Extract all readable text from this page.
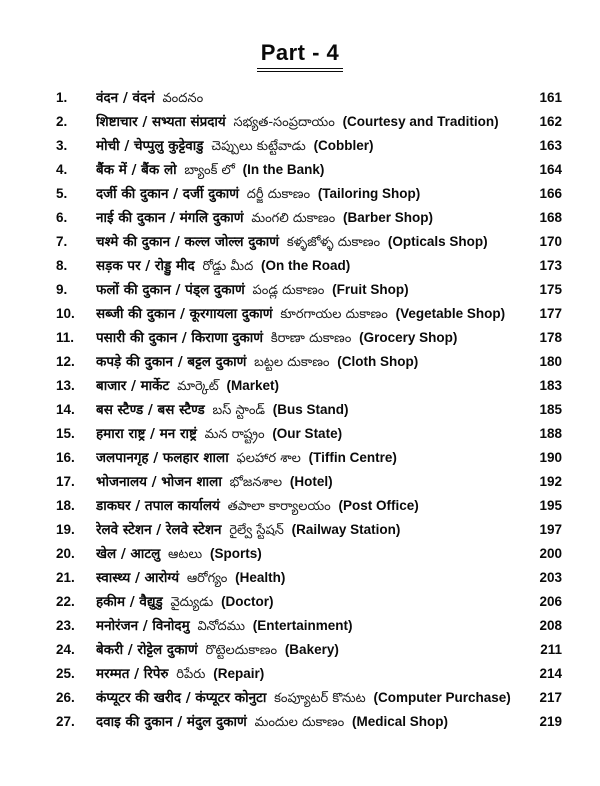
Part - 4
1.	वंदन / वंदनं వందనం	161
2.	शिष्टाचार / सभ्यता संप्रदायं సభ్యత-సంప్రదాయం (Courtesy and Tradition)	162
3.	मोची / चेप्पुलु कुट्टेवाडु చెప్పులు కుట్టేవాడు (Cobbler)	163
4.	बैंक में / बैंक लो బ్యాంక్ లో (In the Bank)	164
5.	दर्जी की दुकान / दर्जी दुकाणं దర్జీ దుకాణం (Tailoring Shop)	166
6.	नाई की दुकान / मंगलि दुकाणं మంగలి దుకాణం (Barber Shop)	168
7.	चश्मे की दुकान / कल्ल जोल्ल दुकाणं కళ్ళజోళ్ళ దుకాణం (Opticals Shop)	170
8.	सड़क पर / रोड्डु मीद రోడ్డు మీద (On the Road)	173
9.	फलों की दुकान / पंड्ल दुकाणं పండ్ల దుకాణం (Fruit Shop)	175
10.	सब्जी की दुकान / कूरगायला दुकाणं కూరగాయల దుకాణం (Vegetable Shop)	177
11.	पसारी की दुकान / किराणा दुकाणं కిరాణా దుకాణం (Grocery Shop)	178
12.	कपड़े की दुकान / बट्टल दुकाणं బట్టల దుకాణం (Cloth Shop)	180
13.	बाजार / मार्केट మార్కెట్ (Market)	183
14.	बस स्टैण्ड / बस स्टैण्ड బస్ స్టాండ్ (Bus Stand)	185
15.	हमारा राष्ट्र / मन राष्ट्रं మన రాష్ట్రం (Our State)	188
16.	जलपानगृह / फलहार शाला ఫలహార శాల (Tiffin Centre)	190
17.	भोजनालय / भोजन शाला భోజనశాల (Hotel)	192
18.	डाकघर / तपाल कार्यालयं తపాలా కార్యాలయం (Post Office)	195
19.	रेलवे स्टेशन / रेलवे स्टेशन రైల్వే స్టేషన్ (Railway Station)	197
20.	खेल / आटलु ఆటలు (Sports)	200
21.	स्वास्थ्य / आरोग्यं ఆరోగ్యం (Health)	203
22.	हकीम / वैद्युडु వైద్యుడు (Doctor)	206
23.	मनोरंजन / विनोदमु వినోదము (Entertainment)	208
24.	बेकरी / रोट्टेल दुकाणं రొట్టెలదుకాణం (Bakery)	211
25.	मरम्मत / रिपेरु రిపేరు (Repair)	214
26.	कंप्यूटर की खरीद / कंप्यूटर कोनुटा కంప్యూటర్ కొనుట (Computer Purchase)	217
27.	दवाइ की दुकान / मंदुल दुकाणं మందుల దుకాణం (Medical Shop)	219
